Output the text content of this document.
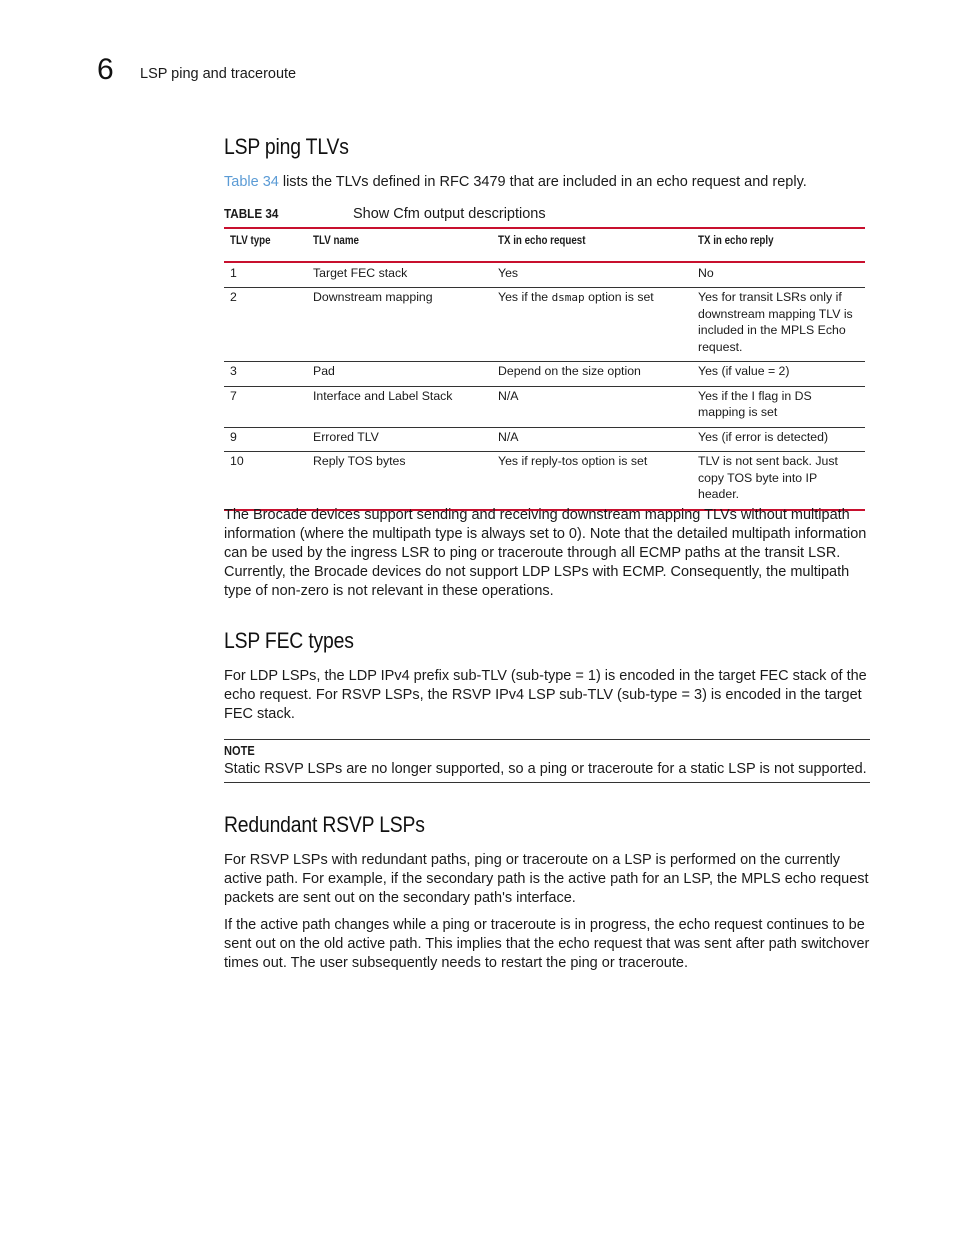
6 LSP ping and traceroute
LSP ping TLVs

Table 34 lists the TLVs defined in RFC 3479 that are included in an echo request and reply.

TABLE 34	Show Cfm output descriptions
TLV type	TLV name	TX in echo request	TX in echo reply
1	Target FEC stack	Yes	No
2	Downstream mapping	Yes if the dsmap option is set	Yes for transit LSRs only if downstream mapping TLV is included in the MPLS Echo request.
3	Pad	Depend on the size option	Yes (if value = 2)
7	Interface and Label Stack	N/A	Yes if the I flag in DS mapping is set
9	Errored TLV	N/A	Yes (if error is detected)
10	Reply TOS bytes	Yes if reply-tos option is set	TLV is not sent back. Just copy TOS byte into IP header.

The Brocade devices support sending and receiving downstream mapping TLVs without multipath information (where the multipath type is always set to 0). Note that the detailed multipath information can be used by the ingress LSR to ping or traceroute through all ECMP paths at the transit LSR. Currently, the Brocade devices do not support LDP LSPs with ECMP. Consequently, the multipath type of non-zero is not relevant in these operations.

LSP FEC types

For LDP LSPs, the LDP IPv4 prefix sub-TLV (sub-type = 1) is encoded in the target FEC stack of the echo request. For RSVP LSPs, the RSVP IPv4 LSP sub-TLV (sub-type = 3) is encoded in the target FEC stack.

NOTE
Static RSVP LSPs are no longer supported, so a ping or traceroute for a static LSP is not supported.
Redundant RSVP LSPs

For RSVP LSPs with redundant paths, ping or traceroute on a LSP is performed on the currently active path. For example, if the secondary path is the active path for an LSP, the MPLS echo request packets are sent out on the secondary path's interface.

If the active path changes while a ping or traceroute is in progress, the echo request continues to be sent out on the old active path. This implies that the echo request that was sent after path switchover times out. The user subsequently needs to restart the ping or traceroute.
